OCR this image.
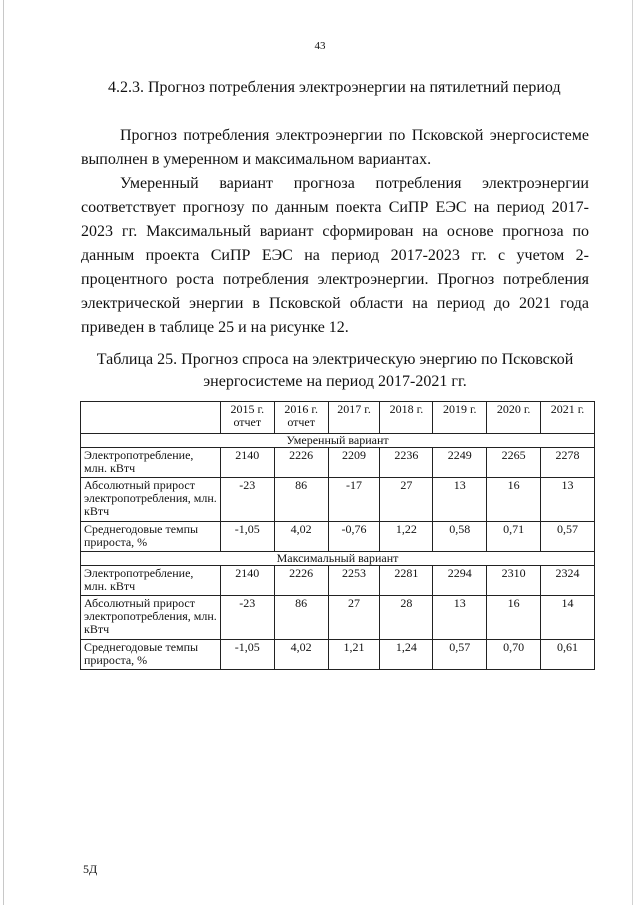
43
4.2.3. Прогноз потребления электроэнергии на пятилетний период

Прогноз потребления электроэнергии по Псковской энергосистеме выполнен в умеренном и максимальном вариантах.

Умеренный вариант прогноза потребления электроэнергии соответствует прогнозу по данным поекта СиПР ЕЭС на период 2017-2023 гг. Максимальный вариант сформирован на основе прогноза по данным проекта СиПР ЕЭС на период 2017-2023 гг. с учетом 2-процентного роста потребления электроэнергии. Прогноз потребления электрической энергии в Псковской области на период до 2021 года приведен в таблице 25 и на рисунке 12.

Таблица 25. Прогноз спроса на электрическую энергию по Псковской
энергосистеме на период 2017-2021 гг.
	2015 г. отчет	2016 г. отчет	2017 г.	2018 г.	2019 г.	2020 г.	2021 г.
Умеренный вариант							
Электропотребление, млн. кВтч	2140	2226	2209	2236	2249	2265	2278
Абсолютный прирост электропотребления, млн. кВтч	-23	86	-17	27	13	16	13
Среднегодовые темпы прироста, %	-1,05	4,02	-0,76	1,22	0,58	0,71	0,57
Максимальный вариант							
Электропотребление, млн. кВтч	2140	2226	2253	2281	2294	2310	2324
Абсолютный прирост электропотребления, млн. кВтч	-23	86	27	28	13	16	14
Среднегодовые темпы прироста, %	-1,05	4,02	1,21	1,24	0,57	0,70	0,61
5Д
